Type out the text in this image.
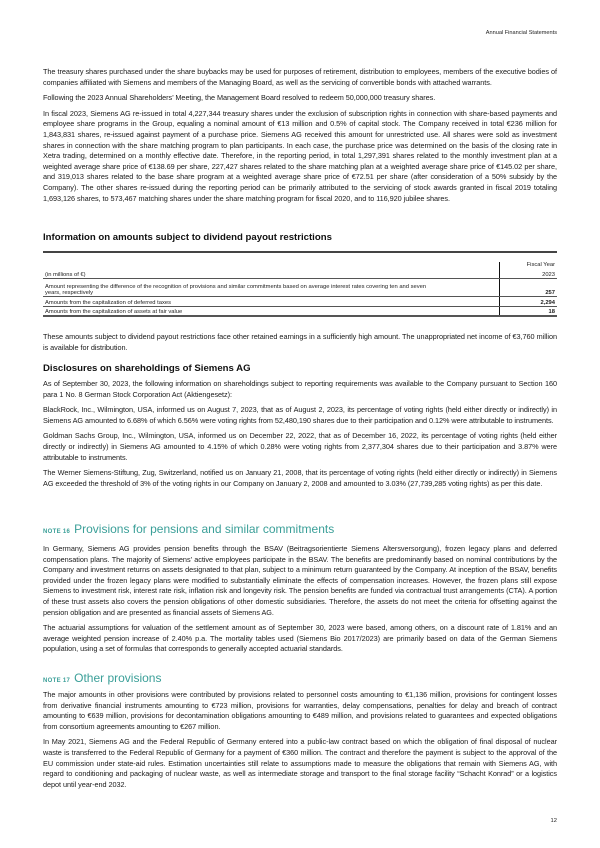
Annual Financial Statements

The treasury shares purchased under the share buybacks may be used for purposes of retirement, distribution to employees, members of the executive bodies of companies affiliated with Siemens and members of the Managing Board, as well as the servicing of convertible bonds with attached warrants.

Following the 2023 Annual Shareholders’ Meeting, the Management Board resolved to redeem 50,000,000 treasury shares.

In fiscal 2023, Siemens AG re-issued in total 4,227,344 treasury shares under the exclusion of subscription rights in connection with share-based payments and employee share programs in the Group, equaling a nominal amount of €13 million and 0.5% of capital stock. The Company received in total €236 million for 1,843,831 shares, re-issued against payment of a purchase price. Siemens AG received this amount for unrestricted use. All shares were sold as investment shares in connection with the share matching program to plan participants. In each case, the purchase price was determined on the basis of the closing rate in Xetra trading, determined on a monthly effective date. Therefore, in the reporting period, in total 1,297,391 shares related to the monthly investment plan at a weighted average share price of €138.69 per share, 227,427 shares related to the share matching plan at a weighted average share price of €145.02 per share, and 319,013 shares related to the base share program at a weighted average share price of €72.51 per share (after consideration of a 50% subsidy by the Company). The other shares re-issued during the reporting period can be primarily attributed to the servicing of stock awards granted in fiscal 2019 totaling 1,693,126 shares, to 573,467 matching shares under the share matching program for fiscal 2020, and to 116,920 jubilee shares.

Information on amounts subject to dividend payout restrictions
	Fiscal Year
(in millions of €)	2023
Amount representing the difference of the recognition of provisions and similar commitments based on average interest rates covering ten and seven years, respectively	257
Amounts from the capitalization of deferred taxes	2,294
Amounts from the capitalization of assets at fair value	18

These amounts subject to dividend payout restrictions face other retained earnings in a sufficiently high amount. The unappropriated net income of €3,760 million is available for distribution.

Disclosures on shareholdings of Siemens AG

As of September 30, 2023, the following information on shareholdings subject to reporting requirements was available to the Company pursuant to Section 160 para 1 No. 8 German Stock Corporation Act (Aktiengesetz):

BlackRock, Inc., Wilmington, USA, informed us on August 7, 2023, that as of August 2, 2023, its percentage of voting rights (held either directly or indirectly) in Siemens AG amounted to 6.68% of which 6.56% were voting rights from 52,480,190 shares due to their participation and 0.12% were attributable to instruments.

Goldman Sachs Group, Inc., Wilmington, USA, informed us on December 22, 2022, that as of December 16, 2022, its percentage of voting rights (held either directly or indirectly) in Siemens AG amounted to 4.15% of which 0.28% were voting rights from 2,377,304 shares due to their participation and 3.87% were attributable to instruments.

The Werner Siemens-Stiftung, Zug, Switzerland, notified us on January 21, 2008, that its percentage of voting rights (held either directly or indirectly) in Siemens AG exceeded the threshold of 3% of the voting rights in our Company on January 2, 2008 and amounted to 3.03% (27,739,285 voting rights) as per this date.

NOTE 16 Provisions for pensions and similar commitments

In Germany, Siemens AG provides pension benefits through the BSAV (Beitragsorientierte Siemens Altersversorgung), frozen legacy plans and deferred compensation plans. The majority of Siemens’ active employees participate in the BSAV. The benefits are predominantly based on nominal contributions by the Company and investment returns on assets designated to that plan, subject to a minimum return guaranteed by the Company. At inception of the BSAV, benefits provided under the frozen legacy plans were modified to substantially eliminate the effects of compensation increases. However, the frozen plans still expose Siemens to investment risk, interest rate risk, inflation risk and longevity risk. The pension benefits are funded via contractual trust arrangements (CTA). A portion of these trust assets also covers the pension obligations of other domestic subsidiaries. Therefore, the assets do not meet the criteria for offsetting against the pension obligation and are presented as financial assets of Siemens AG.

The actuarial assumptions for valuation of the settlement amount as of September 30, 2023 were based, among others, on a discount rate of 1.81% and an average weighted pension increase of 2.40% p.a. The mortality tables used (Siemens Bio 2017/2023) are primarily based on data of the German Siemens population, using a set of formulas that corresponds to generally accepted actuarial standards.

NOTE 17 Other provisions

The major amounts in other provisions were contributed by provisions related to personnel costs amounting to €1,136 million, provisions for contingent losses from derivative financial instruments amounting to €723 million, provisions for warranties, delay compensations, penalties for delay and breach of contract amounting to €639 million, provisions for decontamination obligations amounting to €489 million, and provisions related to guarantees and expected obligations from consortium agreements amounting to €267 million.

In May 2021, Siemens AG and the Federal Republic of Germany entered into a public-law contract based on which the obligation of final disposal of nuclear waste is transferred to the Federal Republic of Germany for a payment of €360 million. The contract and therefore the payment is subject to the approval of the EU commission under state-aid rules. Estimation uncertainties still relate to assumptions made to measure the obligations that remain with Siemens AG, with regard to conditioning and packaging of nuclear waste, as well as intermediate storage and transport to the final storage facility “Schacht Konrad” or a logistics depot until year-end 2032.

12
